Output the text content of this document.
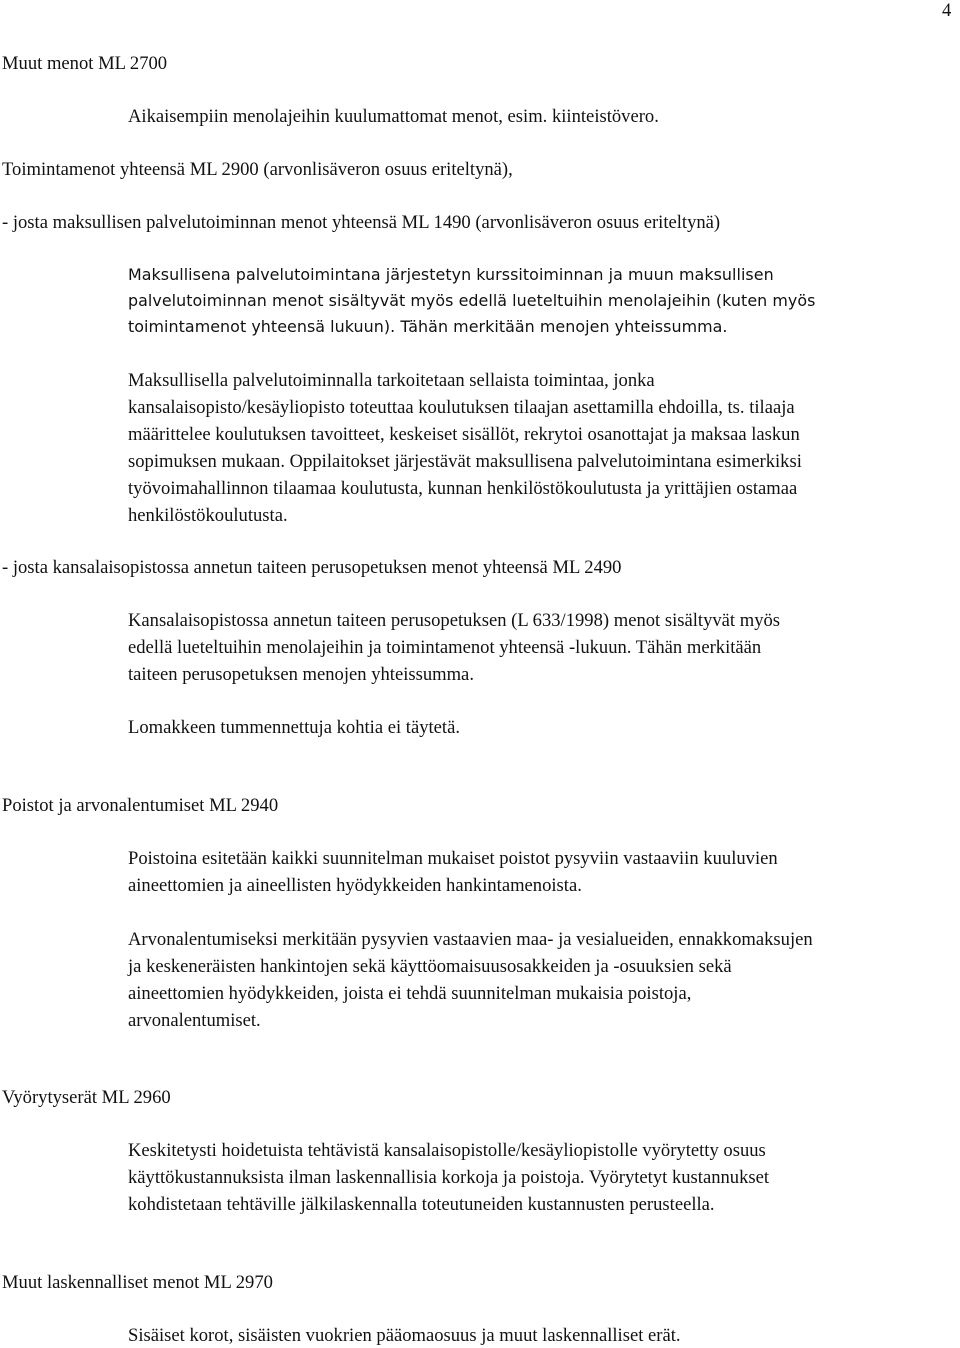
4
Muut menot ML 2700
Aikaisempiin menolajeihin kuulumattomat menot, esim. kiinteistövero.
Toimintamenot yhteensä ML 2900 (arvonlisäveron osuus eriteltynä),
- josta maksullisen palvelutoiminnan menot yhteensä ML 1490 (arvonlisäveron osuus eriteltynä)
Maksullisena palvelutoimintana järjestetyn kurssitoiminnan ja muun maksullisen
palvelutoiminnan menot sisältyvät myös edellä lueteltuihin menolajeihin (kuten myös
toimintamenot yhteensä lukuun). Tähän merkitään menojen yhteissumma.
Maksullisella palvelutoiminnalla tarkoitetaan sellaista toimintaa, jonka
kansalaisopisto/kesäyliopisto toteuttaa koulutuksen tilaajan asettamilla ehdoilla, ts. tilaaja
määrittelee koulutuksen tavoitteet, keskeiset sisällöt, rekrytoi osanottajat ja maksaa laskun
sopimuksen mukaan. Oppilaitokset järjestävät maksullisena palvelutoimintana esimerkiksi
työvoimahallinnon tilaamaa koulutusta, kunnan henkilöstökoulutusta ja yrittäjien ostamaa
henkilöstökoulutusta.
- josta kansalaisopistossa annetun taiteen perusopetuksen menot yhteensä ML 2490
Kansalaisopistossa annetun taiteen perusopetuksen (L 633/1998) menot sisältyvät myös
edellä lueteltuihin menolajeihin ja toimintamenot yhteensä -lukuun. Tähän merkitään
taiteen perusopetuksen menojen yhteissumma.
Lomakkeen tummennettuja kohtia ei täytetä.
Poistot ja arvonalentumiset ML 2940
Poistoina esitetään kaikki suunnitelman mukaiset poistot pysyviin vastaaviin kuuluvien
aineettomien ja aineellisten hyödykkeiden hankintamenoista.
Arvonalentumiseksi merkitään pysyvien vastaavien maa- ja vesialueiden, ennakkomaksujen
ja keskeneräisten hankintojen sekä käyttöomaisuusosakkeiden ja -osuuksien sekä
aineettomien hyödykkeiden, joista ei tehdä suunnitelman mukaisia poistoja,
arvonalentumiset.
Vyörytyserät ML 2960
Keskitetysti hoidetuista tehtävistä kansalaisopistolle/kesäyliopistolle vyörytetty osuus
käyttökustannuksista ilman laskennallisia korkoja ja poistoja. Vyörytetyt kustannukset
kohdistetaan tehtäville jälkilaskennalla toteutuneiden kustannusten perusteella.
Muut laskennalliset menot ML 2970
Sisäiset korot, sisäisten vuokrien pääomaosuus ja muut laskennalliset erät.
